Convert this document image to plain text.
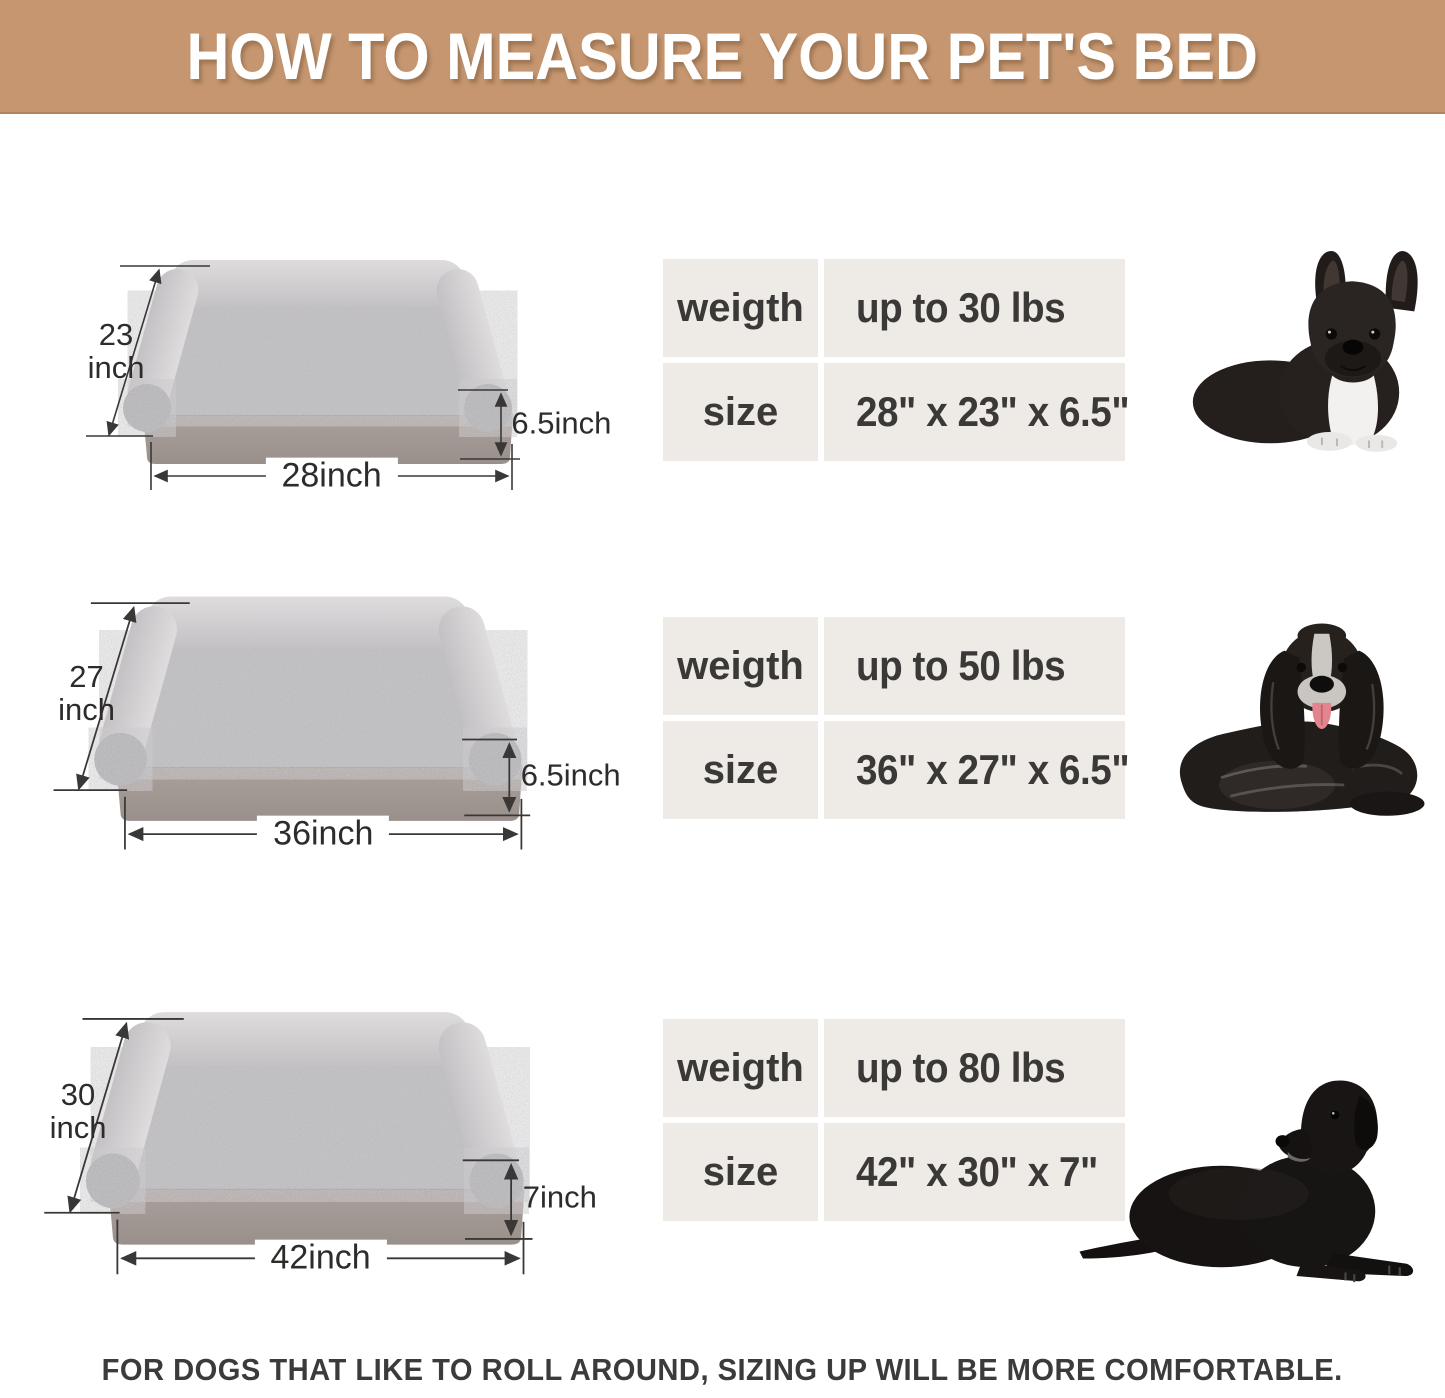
HOW TO MEASURE YOUR PET'S BED
23
inch
6.5inch
28inch
weigth up to 30 lbs
size 28" x 23" x 6.5"
27
inch
6.5inch
36inch
weigth up to 50 lbs
size 36" x 27" x 6.5"
30
inch
7inch
42inch
weigth up to 80 lbs
size 42" x 30" x 7"
FOR DOGS THAT LIKE TO ROLL AROUND, SIZING UP WILL BE MORE COMFORTABLE.
